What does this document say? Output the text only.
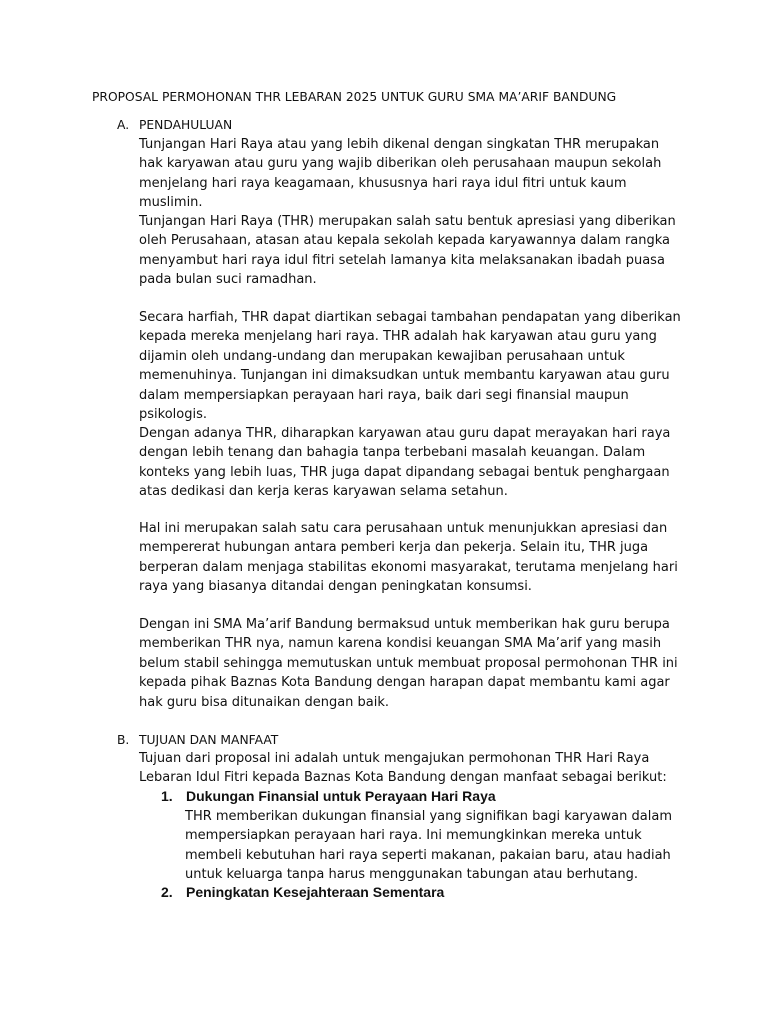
PROPOSAL PERMOHONAN THR LEBARAN 2025 UNTUK GURU SMA MA’ARIF BANDUNG
A. PENDAHULUAN

Tunjangan Hari Raya atau yang lebih dikenal dengan singkatan THR merupakan hak karyawan atau guru yang wajib diberikan oleh perusahaan maupun sekolah menjelang hari raya keagamaan, khususnya hari raya idul fitri untuk kaum muslimin.

Tunjangan Hari Raya (THR) merupakan salah satu bentuk apresiasi yang diberikan oleh Perusahaan, atasan atau kepala sekolah kepada karyawannya dalam rangka menyambut hari raya idul fitri setelah lamanya kita melaksanakan ibadah puasa pada bulan suci ramadhan.

Secara harfiah, THR dapat diartikan sebagai tambahan pendapatan yang diberikan kepada mereka menjelang hari raya. THR adalah hak karyawan atau guru yang dijamin oleh undang-undang dan merupakan kewajiban perusahaan untuk memenuhinya. Tunjangan ini dimaksudkan untuk membantu karyawan atau guru dalam mempersiapkan perayaan hari raya, baik dari segi finansial maupun psikologis.

Dengan adanya THR, diharapkan karyawan atau guru dapat merayakan hari raya dengan lebih tenang dan bahagia tanpa terbebani masalah keuangan. Dalam konteks yang lebih luas, THR juga dapat dipandang sebagai bentuk penghargaan atas dedikasi dan kerja keras karyawan selama setahun.

Hal ini merupakan salah satu cara perusahaan untuk menunjukkan apresiasi dan mempererat hubungan antara pemberi kerja dan pekerja. Selain itu, THR juga berperan dalam menjaga stabilitas ekonomi masyarakat, terutama menjelang hari raya yang biasanya ditandai dengan peningkatan konsumsi.

Dengan ini SMA Ma’arif Bandung bermaksud untuk memberikan hak guru berupa memberikan THR nya, namun karena kondisi keuangan SMA Ma’arif yang masih belum stabil sehingga memutuskan untuk membuat proposal permohonan THR ini kepada pihak Baznas Kota Bandung dengan harapan dapat membantu kami agar hak guru bisa ditunaikan dengan baik.

B. TUJUAN DAN MANFAAT

Tujuan dari proposal ini adalah untuk mengajukan permohonan THR Hari Raya Lebaran Idul Fitri kepada Baznas Kota Bandung dengan manfaat sebagai berikut:

1. Dukungan Finansial untuk Perayaan Hari Raya

THR memberikan dukungan finansial yang signifikan bagi karyawan dalam mempersiapkan perayaan hari raya. Ini memungkinkan mereka untuk membeli kebutuhan hari raya seperti makanan, pakaian baru, atau hadiah untuk keluarga tanpa harus menggunakan tabungan atau berhutang.

2. Peningkatan Kesejahteraan Sementara
